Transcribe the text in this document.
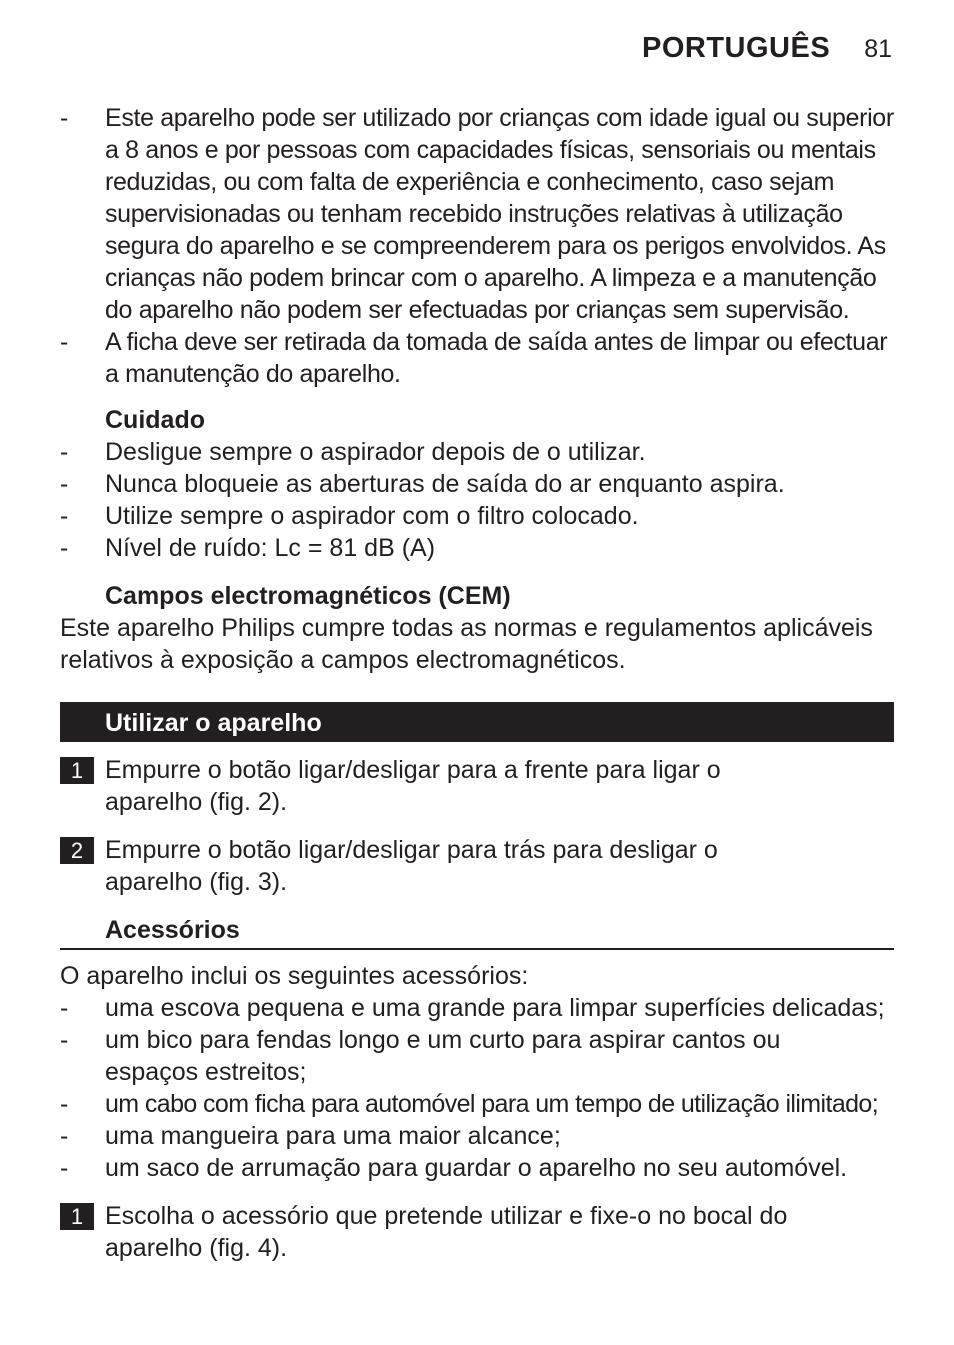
PORTUGUÊS 81
-	Este aparelho pode ser utilizado por crianças com idade igual ou superior a 8 anos e por pessoas com capacidades físicas, sensoriais ou mentais reduzidas, ou com falta de experiência e conhecimento, caso sejam supervisionadas ou tenham recebido instruções relativas à utilização segura do aparelho e se compreenderem para os perigos envolvidos. As crianças não podem brincar com o aparelho. A limpeza e a manutenção do aparelho não podem ser efectuadas por crianças sem supervisão.
-	A ficha deve ser retirada da tomada de saída antes de limpar ou efectuar a manutenção do aparelho.
Cuidado
-	Desligue sempre o aspirador depois de o utilizar.
-	Nunca bloqueie as aberturas de saída do ar enquanto aspira.
-	Utilize sempre o aspirador com o filtro colocado.
-	Nível de ruído: Lc = 81 dB (A)
Campos electromagnéticos (CEM)
Este aparelho Philips cumpre todas as normas e regulamentos aplicáveis relativos à exposição a campos electromagnéticos.
Utilizar o aparelho
1 Empurre o botão ligar/desligar para a frente para ligar o aparelho (fig. 2).
2 Empurre o botão ligar/desligar para trás para desligar o aparelho (fig. 3).
Acessórios
O aparelho inclui os seguintes acessórios:
-	uma escova pequena e uma grande para limpar superfícies delicadas;
-	um bico para fendas longo e um curto para aspirar cantos ou espaços estreitos;
-	um cabo com ficha para automóvel para um tempo de utilização ilimitado;
-	uma mangueira para uma maior alcance;
-	um saco de arrumação para guardar o aparelho no seu automóvel.
1 Escolha o acessório que pretende utilizar e fixe-o no bocal do aparelho (fig. 4).
